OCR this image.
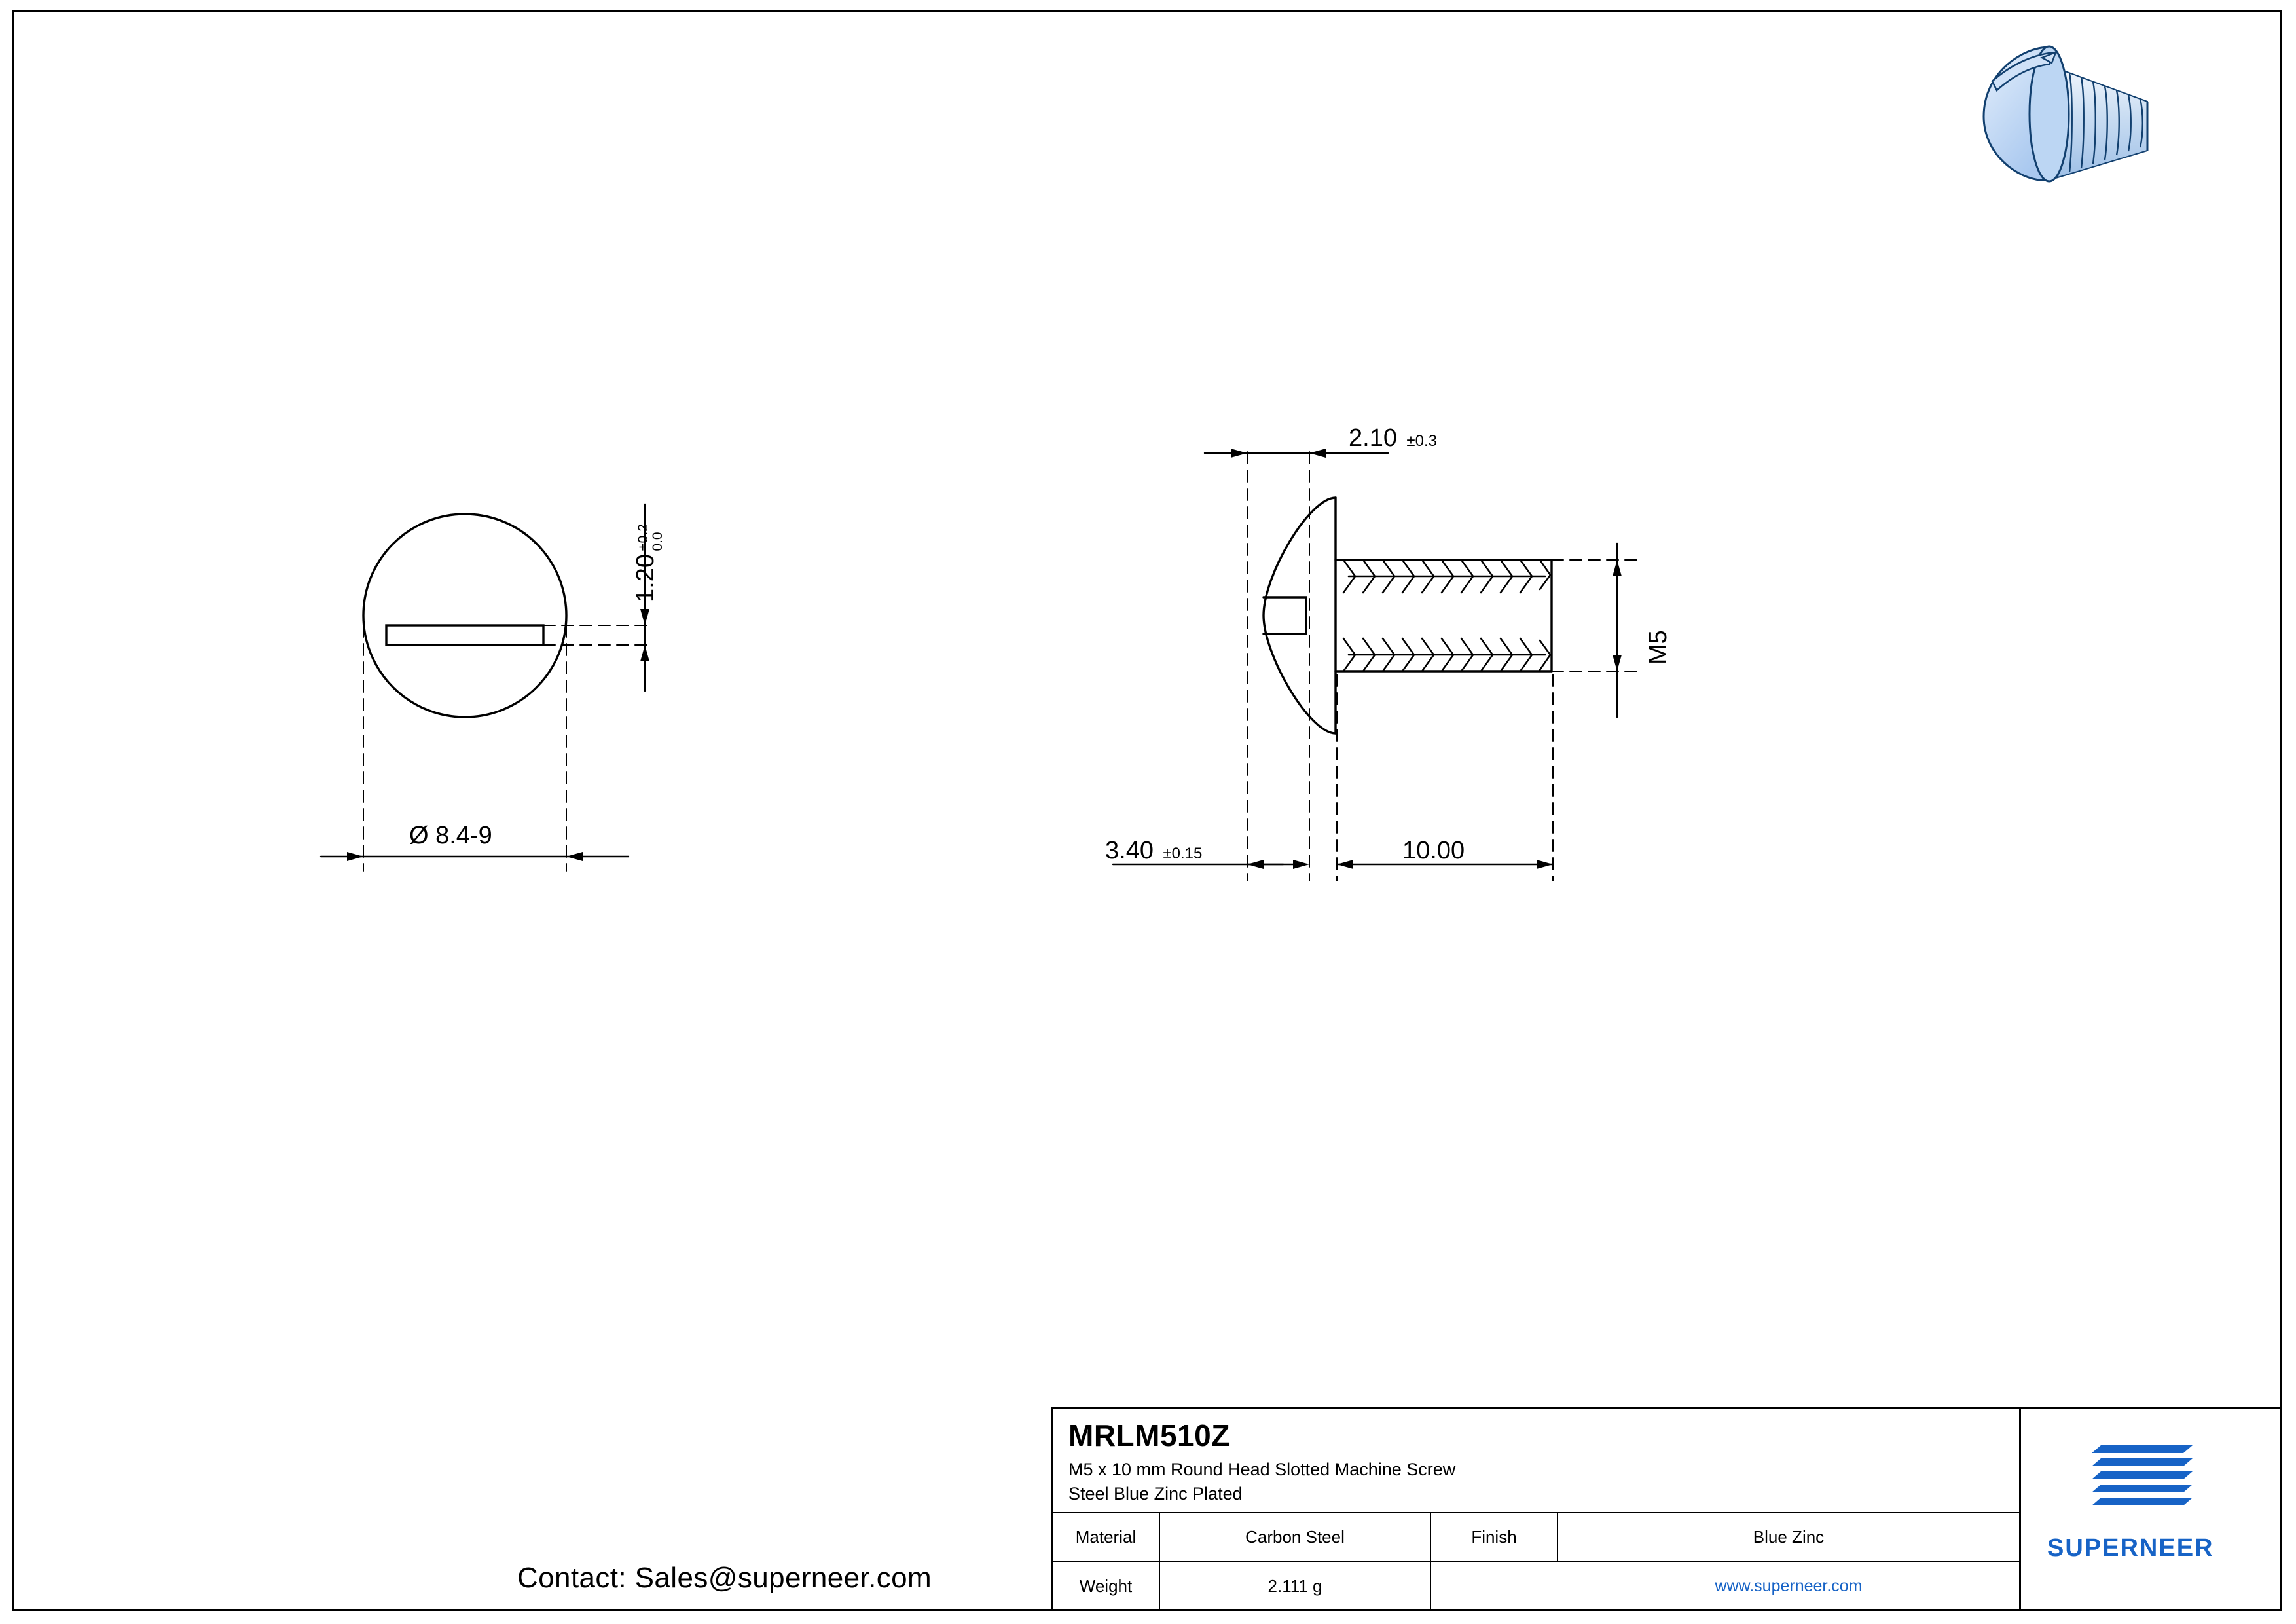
Ø 8.4-9
1.20
+0.2 0.0
2.10 ±0.3
3.40 ±0.15	10.00
M5
Contact: Sales@superneer.com
MRLM510Z
M5 x 10 mm Round Head Slotted Machine Screw
Steel Blue Zinc Plated
Material	Carbon Steel	Finish	Blue Zinc
Weight	2.111 g	www.superneer.com
SUPERNEER
